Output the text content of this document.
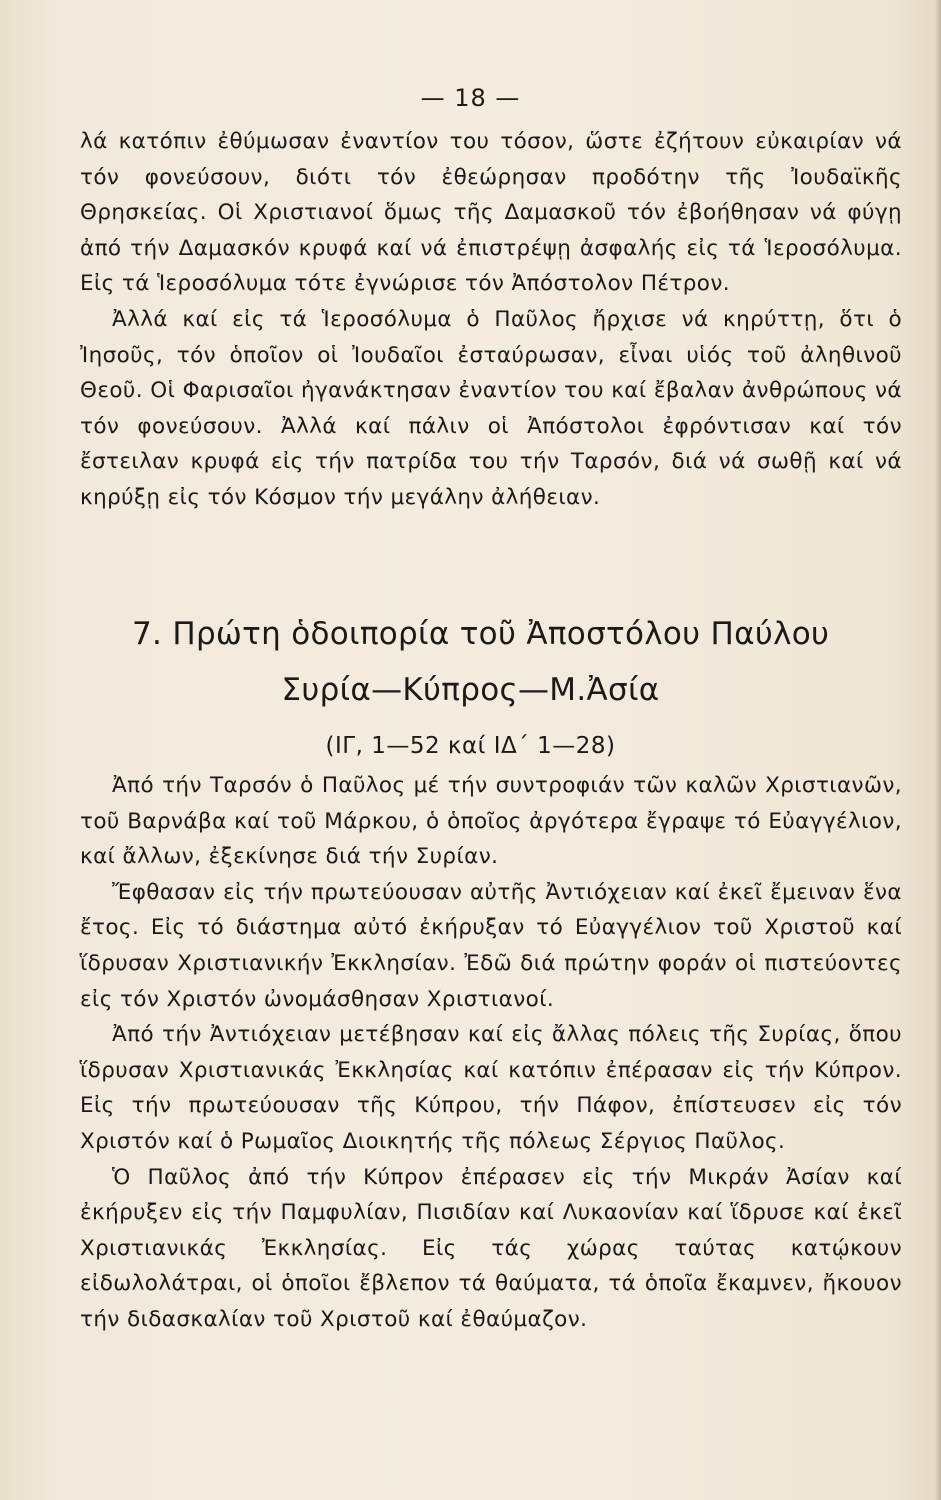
— 18 —

λά κατόπιν ἐθύμωσαν ἐναντίον του τόσον, ὥστε ἐζήτουν εὐκαιρίαν νά τόν φονεύσουν, διότι τόν ἐθεώρησαν προδότην τῆς Ἰουδαϊκῆς Θρησκείας. Οἱ Χριστιανοί ὅμως τῆς Δαμασκοῦ τόν ἐβοήθησαν νά φύγῃ ἀπό τήν Δαμασκόν κρυφά καί νά ἐπιστρέψῃ ἀσφαλής εἰς τά Ἱεροσόλυμα. Εἰς τά Ἱεροσόλυμα τότε ἐγνώρισε τόν Ἀπόστολον Πέτρον.

Ἀλλά καί εἰς τά Ἱεροσόλυμα ὁ Παῦλος ἤρχισε νά κηρύττῃ, ὅτι ὁ Ἰησοῦς, τόν ὁποῖον οἱ Ἰουδαῖοι ἐσταύρωσαν, εἶναι υἱός τοῦ ἀληθινοῦ Θεοῦ. Οἱ Φαρισαῖοι ἠγανάκτησαν ἐναντίον του καί ἔβαλαν ἀνθρώπους νά τόν φονεύσουν. Ἀλλά καί πάλιν οἱ Ἀπόστολοι ἐφρόντισαν καί τόν ἔστειλαν κρυφά εἰς τήν πατρίδα του τήν Ταρσόν, διά νά σωθῇ καί νά κηρύξῃ εἰς τόν Κόσμον τήν μεγάλην ἀλήθειαν.

7. Πρώτη ὁδοιπορία τοῦ Ἀποστόλου Παύλου
Συρία—Κύπρος—Μ.Ἀσία
(ΙΓ, 1—52 καί ΙΔ΄ 1—28)

Ἀπό τήν Ταρσόν ὁ Παῦλος μέ τήν συντροφιάν τῶν καλῶν Χριστιανῶν, τοῦ Βαρνάβα καί τοῦ Μάρκου, ὁ ὁποῖος ἀργότερα ἔγραψε τό Εὐαγγέλιον, καί ἄλλων, ἐξεκίνησε διά τήν Συρίαν.

Ἔφθασαν εἰς τήν πρωτεύουσαν αὐτῆς Ἀντιόχειαν καί ἐκεῖ ἔμειναν ἕνα ἔτος. Εἰς τό διάστημα αὐτό ἐκήρυξαν τό Εὐαγγέλιον τοῦ Χριστοῦ καί ἵδρυσαν Χριστιανικήν Ἐκκλησίαν. Ἐδῶ διά πρώτην φοράν οἱ πιστεύοντες εἰς τόν Χριστόν ὠνομάσθησαν Χριστιανοί.

Ἀπό τήν Ἀντιόχειαν μετέβησαν καί εἰς ἄλλας πόλεις τῆς Συρίας, ὅπου ἵδρυσαν Χριστιανικάς Ἐκκλησίας καί κατόπιν ἐπέρασαν εἰς τήν Κύπρον. Εἰς τήν πρωτεύουσαν τῆς Κύπρου, τήν Πάφον, ἐπίστευσεν εἰς τόν Χριστόν καί ὁ Ρωμαῖος Διοικητής τῆς πόλεως Σέργιος Παῦλος.

Ὁ Παῦλος ἀπό τήν Κύπρον ἐπέρασεν εἰς τήν Μικράν Ἀσίαν καί ἐκήρυξεν εἰς τήν Παμφυλίαν, Πισιδίαν καί Λυκαονίαν καί ἵδρυσε καί ἐκεῖ Χριστιανικάς Ἐκκλησίας. Εἰς τάς χώρας ταύτας κατῴκουν εἰδωλολάτραι, οἱ ὁποῖοι ἔβλεπον τά θαύματα, τά ὁποῖα ἔκαμνεν, ἤκουον τήν διδασκαλίαν τοῦ Χριστοῦ καί ἐθαύμαζον.
